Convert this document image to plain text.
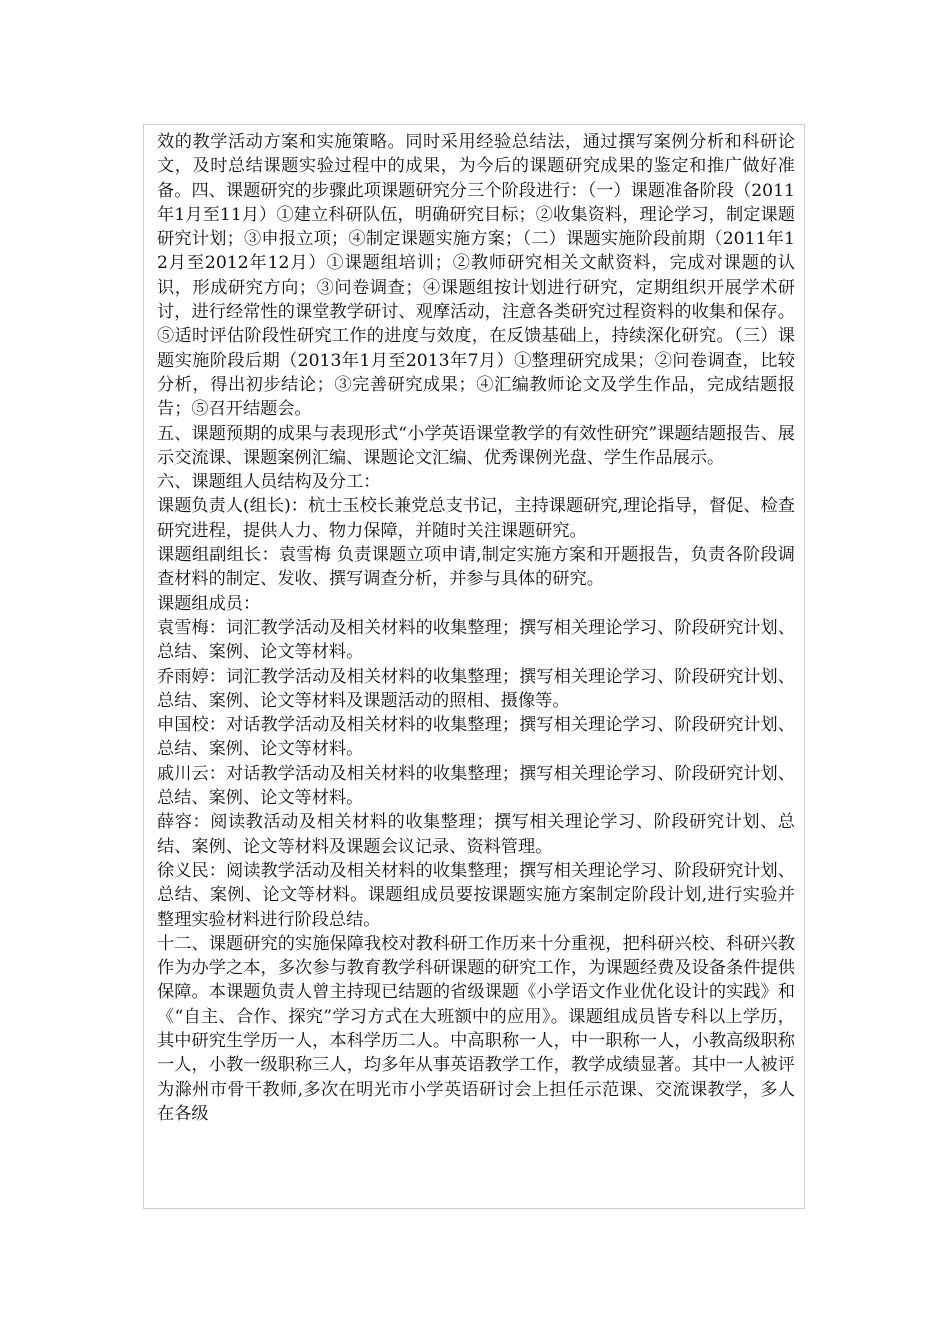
效的教学活动方案和实施策略。同时采用经验总结法，通过撰写案例分析和科研论文，及时总结课题实验过程中的成果，为今后的课题研究成果的鉴定和推广做好准备。四、课题研究的步骤此项课题研究分三个阶段进行：（一）课题准备阶段（2011年1月至11月）①建立科研队伍，明确研究目标；②收集资料，理论学习，制定课题研究计划；③申报立项；④制定课题实施方案；（二）课题实施阶段前期（2011年12月至2012年12月）①课题组培训；②教师研究相关文献资料，完成对课题的认识，形成研究方向；③问卷调查；④课题组按计划进行研究，定期组织开展学术研讨，进行经常性的课堂教学研讨、观摩活动，注意各类研究过程资料的收集和保存。⑤适时评估阶段性研究工作的进度与效度，在反馈基础上，持续深化研究。（三）课题实施阶段后期（2013年1月至2013年7月）①整理研究成果；②问卷调查，比较分析，得出初步结论；③完善研究成果；④汇编教师论文及学生作品，完成结题报告；⑤召开结题会。

五、课题预期的成果与表现形式“小学英语课堂教学的有效性研究”课题结题报告、展示交流课、课题案例汇编、课题论文汇编、优秀课例光盘、学生作品展示。

六、课题组人员结构及分工：

课题负责人(组长)：杭士玉校长兼党总支书记，主持课题研究,理论指导，督促、检查研究进程，提供人力、物力保障，并随时关注课题研究。

课题组副组长：袁雪梅 负责课题立项申请,制定实施方案和开题报告，负责各阶段调查材料的制定、发收、撰写调查分析，并参与具体的研究。

课题组成员：

袁雪梅：词汇教学活动及相关材料的收集整理；撰写相关理论学习、阶段研究计划、总结、案例、论文等材料。

乔雨婷：词汇教学活动及相关材料的收集整理；撰写相关理论学习、阶段研究计划、总结、案例、论文等材料及课题活动的照相、摄像等。

申国校：对话教学活动及相关材料的收集整理；撰写相关理论学习、阶段研究计划、总结、案例、论文等材料。

戚川云：对话教学活动及相关材料的收集整理；撰写相关理论学习、阶段研究计划、总结、案例、论文等材料。

薛容：阅读教活动及相关材料的收集整理；撰写相关理论学习、阶段研究计划、总结、案例、论文等材料及课题会议记录、资料管理。

徐义民：阅读教学活动及相关材料的收集整理；撰写相关理论学习、阶段研究计划、总结、案例、论文等材料。课题组成员要按课题实施方案制定阶段计划,进行实验并整理实验材料进行阶段总结。

十二、课题研究的实施保障我校对教科研工作历来十分重视，把科研兴校、科研兴教作为办学之本，多次参与教育教学科研课题的研究工作，为课题经费及设备条件提供保障。本课题负责人曾主持现已结题的省级课题《小学语文作业优化设计的实践》和《“自主、合作、探究”学习方式在大班额中的应用》。课题组成员皆专科以上学历，其中研究生学历一人，本科学历二人。中高职称一人，中一职称一人，小教高级职称一人，小教一级职称三人，均多年从事英语教学工作，教学成绩显著。其中一人被评为滁州市骨干教师,多次在明光市小学英语研讨会上担任示范课、交流课教学，多人在各级
